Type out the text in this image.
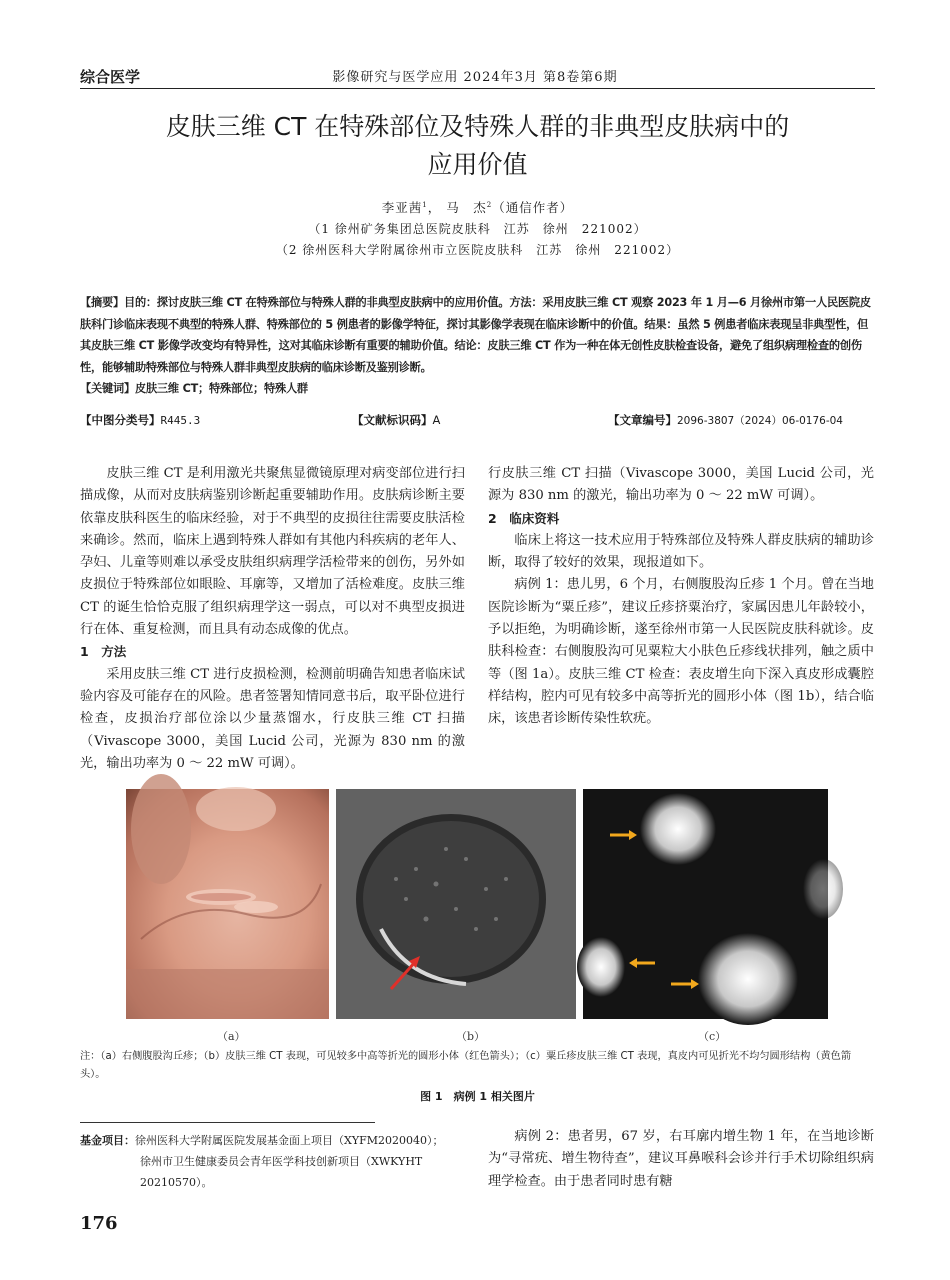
综合医学	影像研究与医学应用 2024年3月 第8卷第6期
皮肤三维 CT 在特殊部位及特殊人群的非典型皮肤病中的
应用价值
李亚茜$^1$， 马　杰$^2$（通信作者）
（1 徐州矿务集团总医院皮肤科　江苏　徐州　221002）
（2 徐州医科大学附属徐州市立医院皮肤科　江苏　徐州　221002）
【摘要】目的：探讨皮肤三维 CT 在特殊部位与特殊人群的非典型皮肤病中的应用价值。方法：采用皮肤三维 CT 观察 2023 年 1 月—6 月徐州市第一人民医院皮肤科门诊临床表现不典型的特殊人群、特殊部位的 5 例患者的影像学特征，探讨其影像学表现在临床诊断中的价值。结果：虽然 5 例患者临床表现呈非典型性，但其皮肤三维 CT 影像学改变均有特异性，这对其临床诊断有重要的辅助价值。结论：皮肤三维 CT 作为一种在体无创性皮肤检查设备，避免了组织病理检查的创伤性，能够辅助特殊部位与特殊人群非典型皮肤病的临床诊断及鉴别诊断。
【关键词】皮肤三维 CT；特殊部位；特殊人群
【中图分类号】R445.3	【文献标识码】A	【文章编号】2096-3807（2024）06-0176-04

皮肤三维 CT 是利用激光共聚焦显微镜原理对病变部位进行扫描成像，从而对皮肤病鉴别诊断起重要辅助作用。皮肤病诊断主要依靠皮肤科医生的临床经验，对于不典型的皮损往往需要皮肤活检来确诊。然而，临床上遇到特殊人群如有其他内科疾病的老年人、孕妇、儿童等则难以承受皮肤组织病理学活检带来的创伤，另外如皮损位于特殊部位如眼睑、耳廓等，又增加了活检难度。皮肤三维 CT 的诞生恰恰克服了组织病理学这一弱点，可以对不典型皮损进行在体、重复检测，而且具有动态成像的优点。

1　方法

采用皮肤三维 CT 进行皮损检测，检测前明确告知患者临床试验内容及可能存在的风险。患者签署知情同意书后，取平卧位进行检查，皮损治疗部位涂以少量蒸馏水，行皮肤三维 CT 扫描（Vivascope 3000，美国 Lucid 公司，光源为 830 nm 的激光，输出功率为 0 ～ 22 mW 可调）。

行皮肤三维 CT 扫描（Vivascope 3000，美国 Lucid 公司，光源为 830 nm 的激光，输出功率为 0 ～ 22 mW 可调）。

2　临床资料

临床上将这一技术应用于特殊部位及特殊人群皮肤病的辅助诊断，取得了较好的效果，现报道如下。

病例 1：患儿男，6 个月，右侧腹股沟丘疹 1 个月。曾在当地医院诊断为“粟丘疹”，建议丘疹挤粟治疗，家属因患儿年龄较小，予以拒绝，为明确诊断，遂至徐州市第一人民医院皮肤科就诊。皮肤科检查：右侧腹股沟可见粟粒大小肤色丘疹线状排列，触之质中等（图 1a）。皮肤三维 CT 检查：表皮增生向下深入真皮形成囊腔样结构，腔内可见有较多中高等折光的圆形小体（图 1b），结合临床，该患者诊断传染性软疣。

（a）	（b）	（c）
注：（a）右侧腹股沟丘疹；（b）皮肤三维 CT 表现，可见较多中高等折光的圆形小体（红色箭头）；（c）粟丘疹皮肤三维 CT 表现，真皮内可见折光不均匀圆形结构（黄色箭头）。
图 1　病例 1 相关图片
基金项目：徐州医科大学附属医院发展基金面上项目（XYFM2020040）；
徐州市卫生健康委员会青年医学科技创新项目（XWKYHT
20210570）。

病例 2：患者男，67 岁，右耳廓内增生物 1 年，在当地诊断为“寻常疣、增生物待查”，建议耳鼻喉科会诊并行手术切除组织病理学检查。由于患者同时患有糖

176
